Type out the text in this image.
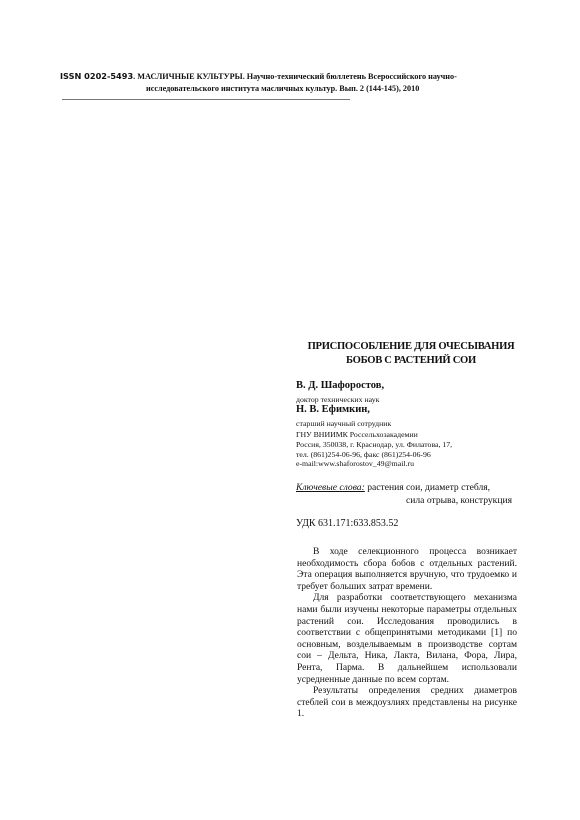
ISSN 0202-5493. МАСЛИЧНЫЕ КУЛЬТУРЫ. Научно-технический бюллетень Всероссийского научно-
исследовательского института масличных культур. Вып. 2 (144-145), 2010
ПРИСПОСОБЛЕНИЕ ДЛЯ ОЧЕСЫВАНИЯ
БОБОВ С РАСТЕНИЙ СОИ
В. Д. Шафоростов,
доктор технических наук
Н. В. Ефимкин,
старший научный сотрудник
ГНУ ВНИИМК Россельхозакадемии
Россия, 350038, г. Краснодар, ул. Филатова, 17,
тел. (861)254-06-96, факс (861)254-06-96
e-mail:www.shaforostov_49@mail.ru
Ключевые слова: растения сои, диаметр стебля,
сила отрыва, конструкция
УДК 631.171:633.853.52

В ходе селекционного процесса возникает необходимость сбора бобов с отдельных растений. Эта операция выполняется вручную, что трудоемко и требует больших затрат времени.

Для разработки соответствующего механизма нами были изучены некоторые параметры отдельных растений сои. Исследования проводились в соответствии с общепринятыми методиками [1] по основным, возделываемым в производстве сортам сои – Дельта, Ника, Лакта, Вилана, Фора, Лира, Рента, Парма. В дальнейшем использовали усредненные данные по всем сортам.

Результаты определения средних диаметров стеблей сои в междоузлиях представлены на рисунке 1.
